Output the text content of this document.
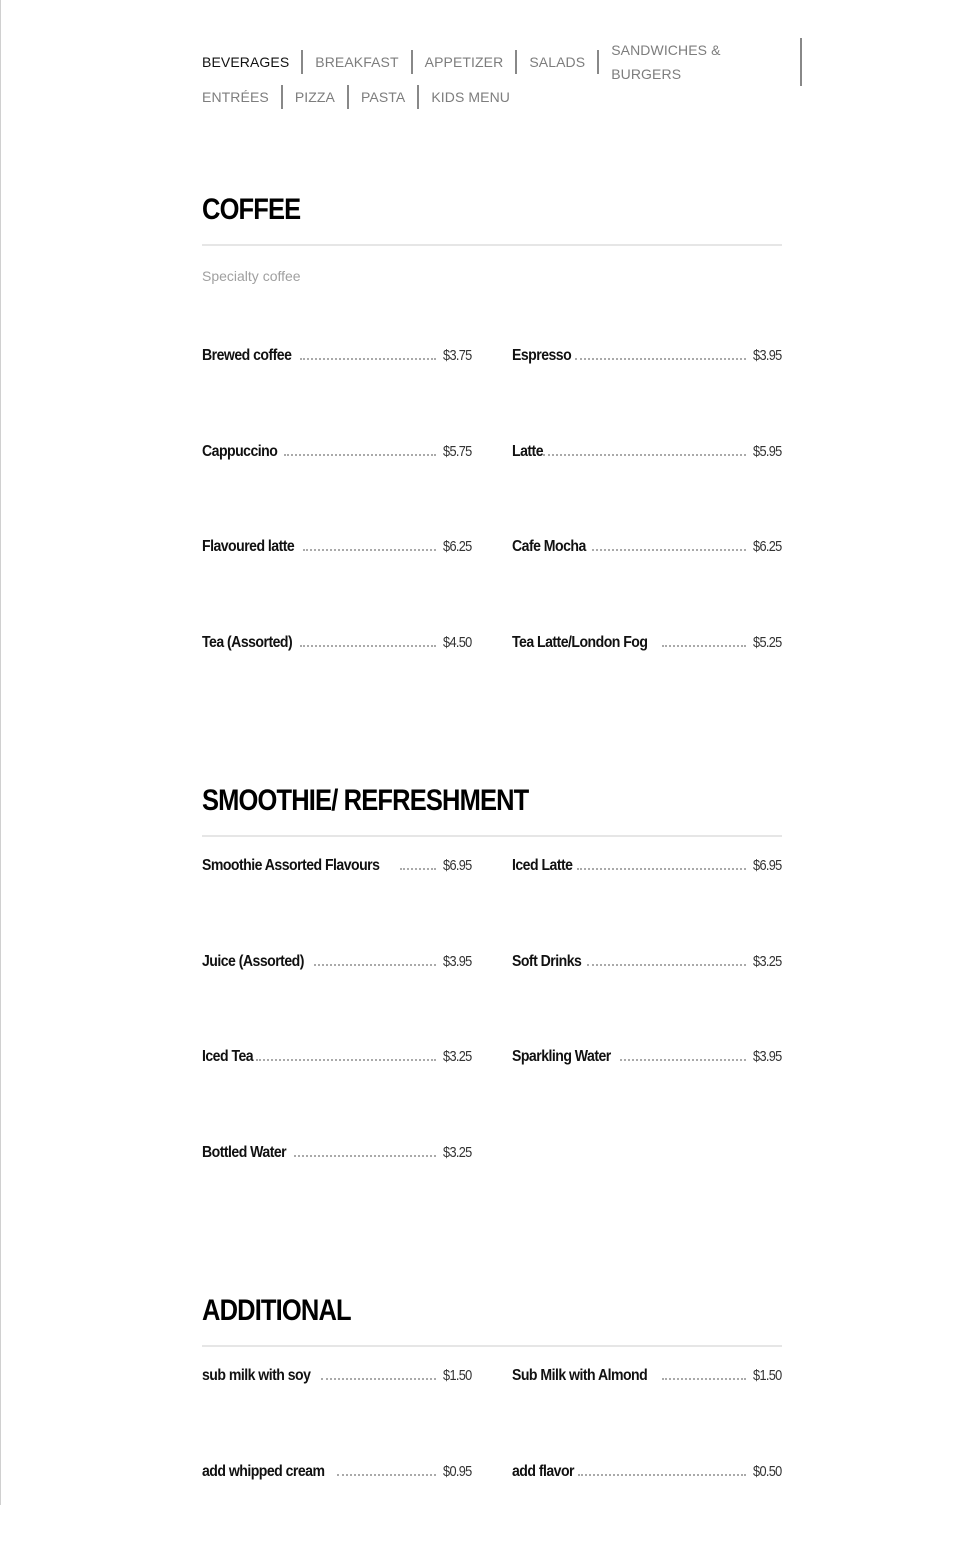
BEVERAGES	BREAKFAST	APPETIZER	SALADS
SANDWICHES & BURGERS
ENTRÉES	PIZZA	PASTA	KIDS MENU
COFFEE
Specialty coffee
Brewed coffee	$3.75	Espresso	$3.95
Cappuccino	$5.75	Latte	$5.95
Flavoured latte	$6.25	Cafe Mocha	$6.25
Tea (Assorted)	$4.50	Tea Latte/London Fog	$5.25
SMOOTHIE/ REFRESHMENT
Smoothie Assorted Flavours	$6.95	Iced Latte	$6.95
Juice (Assorted)	$3.95	Soft Drinks	$3.25
Iced Tea	$3.25	Sparkling Water	$3.95
Bottled Water	$3.25
ADDITIONAL
sub milk with soy	$1.50	Sub Milk with Almond	$1.50
add whipped cream	$0.95	add flavor	$0.50
